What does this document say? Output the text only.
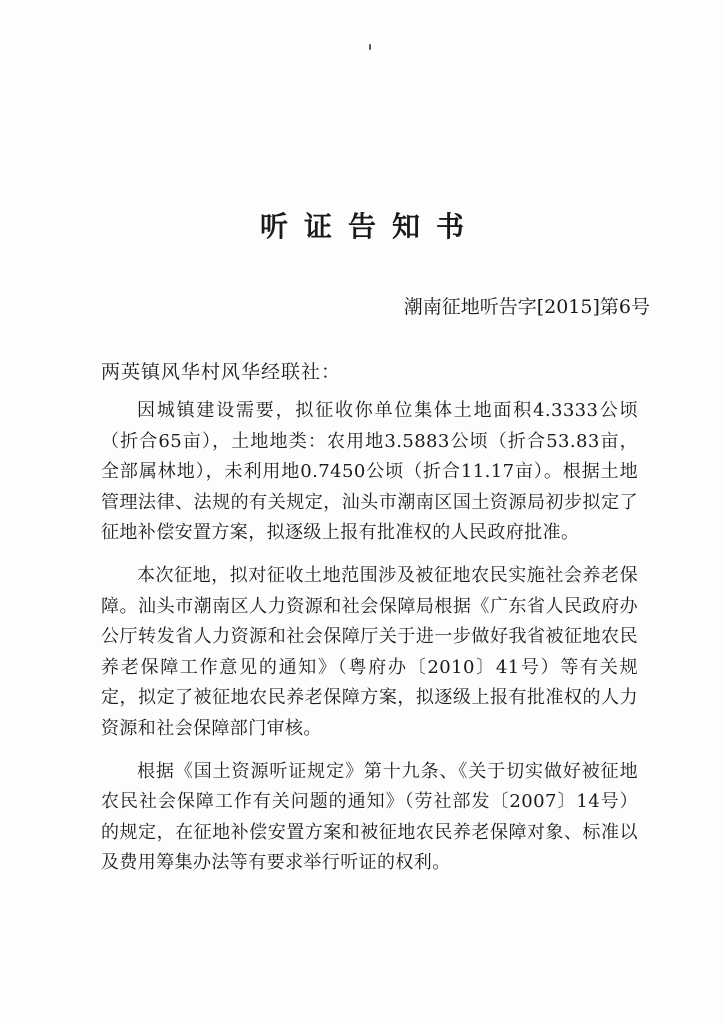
听证告知书
潮南征地听告字[2015]第6号
两英镇风华村风华经联社：

因城镇建设需要，拟征收你单位集体土地面积4.3333公顷（折合65亩），土地地类：农用地3.5883公顷（折合53.83亩，全部属林地），未利用地0.7450公顷（折合11.17亩）。根据土地管理法律、法规的有关规定，汕头市潮南区国土资源局初步拟定了征地补偿安置方案，拟逐级上报有批准权的人民政府批准。

本次征地，拟对征收土地范围涉及被征地农民实施社会养老保障。汕头市潮南区人力资源和社会保障局根据《广东省人民政府办公厅转发省人力资源和社会保障厅关于进一步做好我省被征地农民养老保障工作意见的通知》（粤府办〔2010〕41号）等有关规定，拟定了被征地农民养老保障方案，拟逐级上报有批准权的人力资源和社会保障部门审核。

根据《国土资源听证规定》第十九条、《关于切实做好被征地农民社会保障工作有关问题的通知》（劳社部发〔2007〕14号）的规定，在征地补偿安置方案和被征地农民养老保障对象、标准以及费用筹集办法等有要求举行听证的权利。
